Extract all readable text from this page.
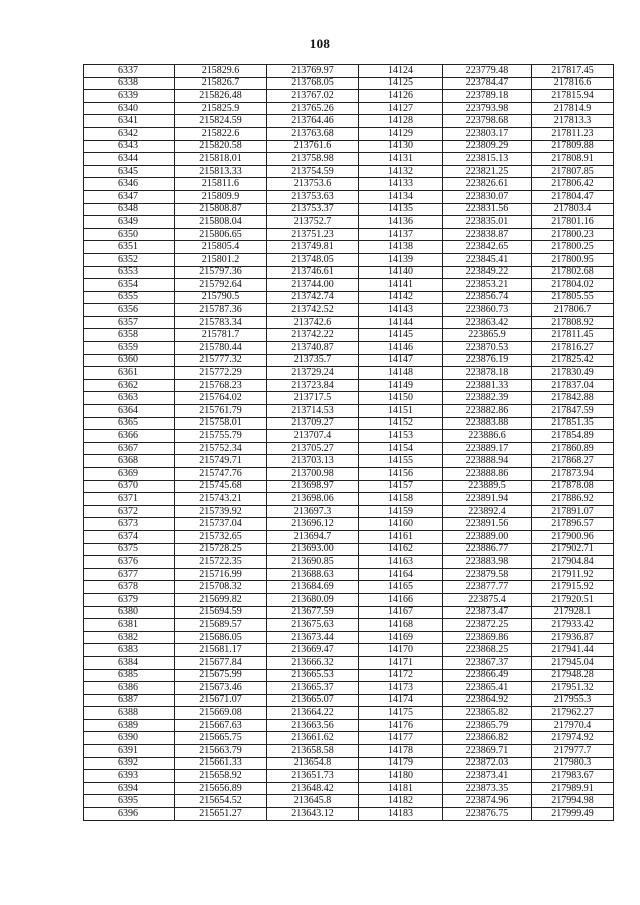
108
6337	215829.6	213769.97	14124	223779.48	217817.45
6338	215826.7	213768.05	14125	223784.47	217816.6
6339	215826.48	213767.02	14126	223789.18	217815.94
6340	215825.9	213765.26	14127	223793.98	217814.9
6341	215824.59	213764.46	14128	223798.68	217813.3
6342	215822.6	213763.68	14129	223803.17	217811.23
6343	215820.58	213761.6	14130	223809.29	217809.88
6344	215818.01	213758.98	14131	223815.13	217808.91
6345	215813.33	213754.59	14132	223821.25	217807.85
6346	215811.6	213753.6	14133	223826.61	217806.42
6347	215809.9	213753.63	14134	223830.07	217804.47
6348	215808.87	213753.37	14135	223831.56	217803.4
6349	215808.04	213752.7	14136	223835.01	217801.16
6350	215806.65	213751.23	14137	223838.87	217800.23
6351	215805.4	213749.81	14138	223842.65	217800.25
6352	215801.2	213748.05	14139	223845.41	217800.95
6353	215797.36	213746.61	14140	223849.22	217802.68
6354	215792.64	213744.00	14141	223853.21	217804.02
6355	215790.5	213742.74	14142	223856.74	217805.55
6356	215787.36	213742.52	14143	223860.73	217806.7
6357	215783.34	213742.6	14144	223863.42	217808.92
6358	215781.7	213742.22	14145	223865.9	217811.45
6359	215780.44	213740.87	14146	223870.53	217816.27
6360	215777.32	213735.7	14147	223876.19	217825.42
6361	215772.29	213729.24	14148	223878.18	217830.49
6362	215768.23	213723.84	14149	223881.33	217837.04
6363	215764.02	213717.5	14150	223882.39	217842.88
6364	215761.79	213714.53	14151	223882.86	217847.59
6365	215758.01	213709.27	14152	223883.88	217851.35
6366	215755.79	213707.4	14153	223886.6	217854.89
6367	215752.34	213705.27	14154	223889.17	217860.89
6368	215749.71	213703.13	14155	223888.94	217868.27
6369	215747.76	213700.98	14156	223888.86	217873.94
6370	215745.68	213698.97	14157	223889.5	217878.08
6371	215743.21	213698.06	14158	223891.94	217886.92
6372	215739.92	213697.3	14159	223892.4	217891.07
6373	215737.04	213696.12	14160	223891.56	217896.57
6374	215732.65	213694.7	14161	223889.00	217900.96
6375	215728.25	213693.00	14162	223886.77	217902.71
6376	215722.35	213690.85	14163	223883.98	217904.84
6377	215716.99	213688.63	14164	223879.58	217911.92
6378	215708.32	213684.69	14165	223877.77	217915.92
6379	215699.82	213680.09	14166	223875.4	217920.51
6380	215694.59	213677.59	14167	223873.47	217928.1
6381	215689.57	213675.63	14168	223872.25	217933.42
6382	215686.05	213673.44	14169	223869.86	217936.87
6383	215681.17	213669.47	14170	223868.25	217941.44
6384	215677.84	213666.32	14171	223867.37	217945.04
6385	215675.99	213665.53	14172	223866.49	217948.28
6386	215673.46	213665.37	14173	223865.41	217951.32
6387	215671.07	213665.07	14174	223864.92	217955.3
6388	215669.08	213664.22	14175	223865.82	217962.27
6389	215667.63	213663.56	14176	223865.79	217970.4
6390	215665.75	213661.62	14177	223866.82	217974.92
6391	215663.79	213658.58	14178	223869.71	217977.7
6392	215661.33	213654.8	14179	223872.03	217980.3
6393	215658.92	213651.73	14180	223873.41	217983.67
6394	215656.89	213648.42	14181	223873.35	217989.91
6395	215654.52	213645.8	14182	223874.96	217994.98
6396	215651.27	213643.12	14183	223876.75	217999.49
